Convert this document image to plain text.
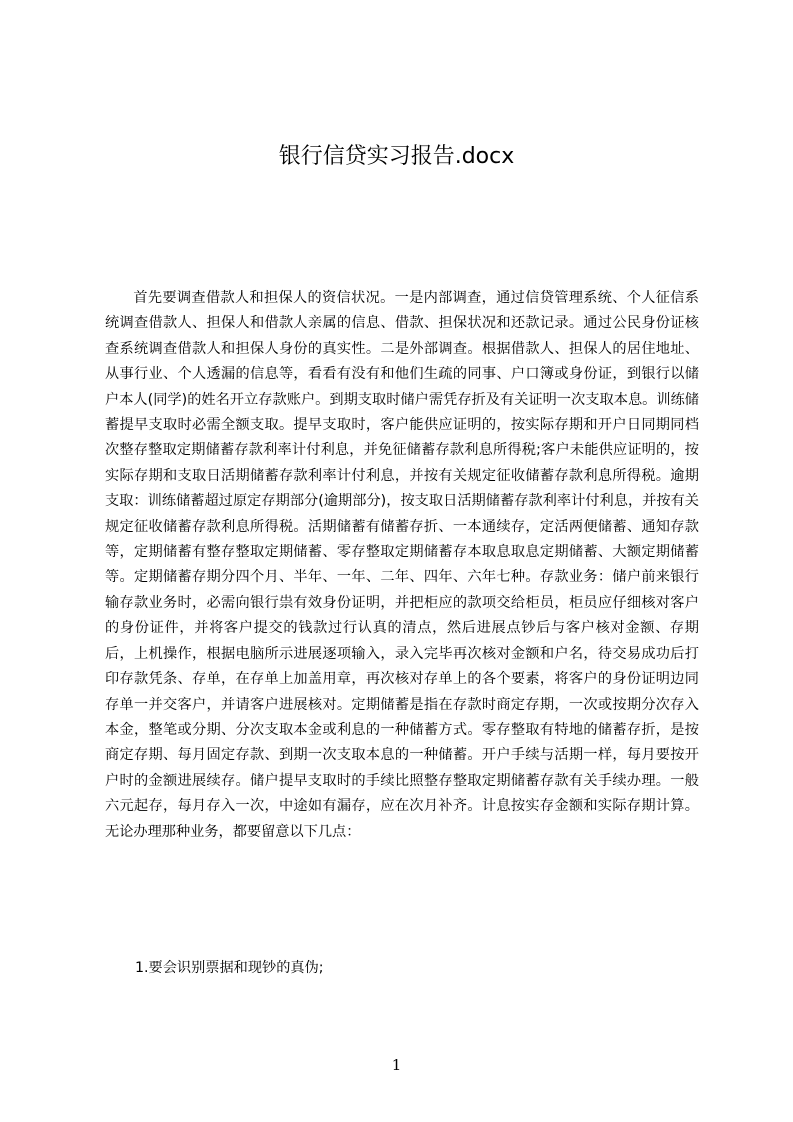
银行信贷实习报告.docx

首先要调查借款人和担保人的资信状况。一是内部调查，通过信贷管理系统、个人征信系统调查借款人、担保人和借款人亲属的信息、借款、担保状况和还款记录。通过公民身份证核查系统调查借款人和担保人身份的真实性。二是外部调查。根据借款人、担保人的居住地址、从事行业、个人透漏的信息等，看看有没有和他们生疏的同事、户口簿或身份证，到银行以储户本人(同学)的姓名开立存款账户。到期支取时储户需凭存折及有关证明一次支取本息。训练储蓄提早支取时必需全额支取。提早支取时，客户能供应证明的，按实际存期和开户日同期同档次整存整取定期储蓄存款利率计付利息，并免征储蓄存款利息所得税;客户未能供应证明的，按实际存期和支取日活期储蓄存款利率计付利息，并按有关规定征收储蓄存款利息所得税。逾期支取：训练储蓄超过原定存期部分(逾期部分)，按支取日活期储蓄存款利率计付利息，并按有关规定征收储蓄存款利息所得税。活期储蓄有储蓄存折、一本通续存，定活两便储蓄、通知存款等，定期储蓄有整存整取定期储蓄、零存整取定期储蓄存本取息取息定期储蓄、大额定期储蓄等。定期储蓄存期分四个月、半年、一年、二年、四年、六年七种。存款业务：储户前来银行输存款业务时，必需向银行祟有效身份证明，并把柜应的款项交给柜员，柜员应仔细核对客户的身份证件，并将客户提交的钱款过行认真的清点，然后进展点钞后与客户核对金额、存期后，上机操作，根据电脑所示进展逐项输入，录入完毕再次核对金额和户名，待交易成功后打印存款凭条、存单，在存单上加盖用章，再次核对存单上的各个要素，将客户的身份证明边同存单一并交客户，并请客户进展核对。定期储蓄是指在存款时商定存期，一次或按期分次存入本金，整笔或分期、分次支取本金或利息的一种储蓄方式。零存整取有特地的储蓄存折，是按商定存期、每月固定存款、到期一次支取本息的一种储蓄。开户手续与活期一样，每月要按开户时的金额进展续存。储户提早支取时的手续比照整存整取定期储蓄存款有关手续办理。一般六元起存，每月存入一次，中途如有漏存，应在次月补齐。计息按实存金额和实际存期计算。无论办理那种业务，都要留意以下几点：

1.要会识别票据和现钞的真伪;

1
